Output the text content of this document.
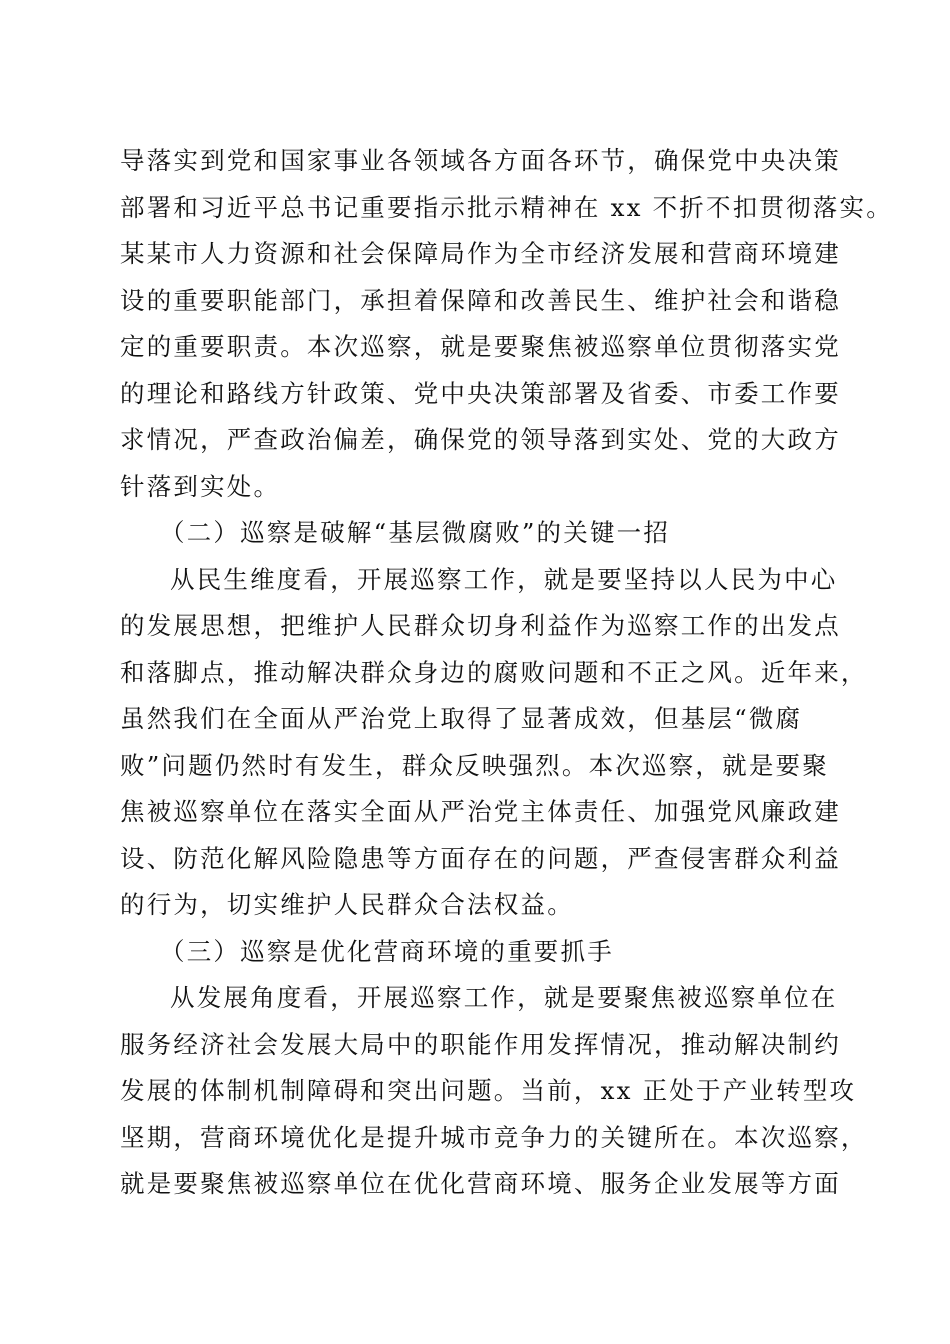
导落实到党和国家事业各领域各方面各环节，确保党中央决策
部署和习近平总书记重要指示批示精神在 xx 不折不扣贯彻落实。
某某市人力资源和社会保障局作为全市经济发展和营商环境建
设的重要职能部门，承担着保障和改善民生、维护社会和谐稳
定的重要职责。本次巡察，就是要聚焦被巡察单位贯彻落实党
的理论和路线方针政策、党中央决策部署及省委、市委工作要
求情况，严查政治偏差，确保党的领导落到实处、党的大政方
针落到实处。
（二）巡察是破解“基层微腐败”的关键一招
从民生维度看，开展巡察工作，就是要坚持以人民为中心
的发展思想，把维护人民群众切身利益作为巡察工作的出发点
和落脚点，推动解决群众身边的腐败问题和不正之风。近年来，
虽然我们在全面从严治党上取得了显著成效，但基层“微腐
败”问题仍然时有发生，群众反映强烈。本次巡察，就是要聚
焦被巡察单位在落实全面从严治党主体责任、加强党风廉政建
设、防范化解风险隐患等方面存在的问题，严查侵害群众利益
的行为，切实维护人民群众合法权益。
（三）巡察是优化营商环境的重要抓手
从发展角度看，开展巡察工作，就是要聚焦被巡察单位在
服务经济社会发展大局中的职能作用发挥情况，推动解决制约
发展的体制机制障碍和突出问题。当前，xx 正处于产业转型攻
坚期，营商环境优化是提升城市竞争力的关键所在。本次巡察，
就是要聚焦被巡察单位在优化营商环境、服务企业发展等方面
